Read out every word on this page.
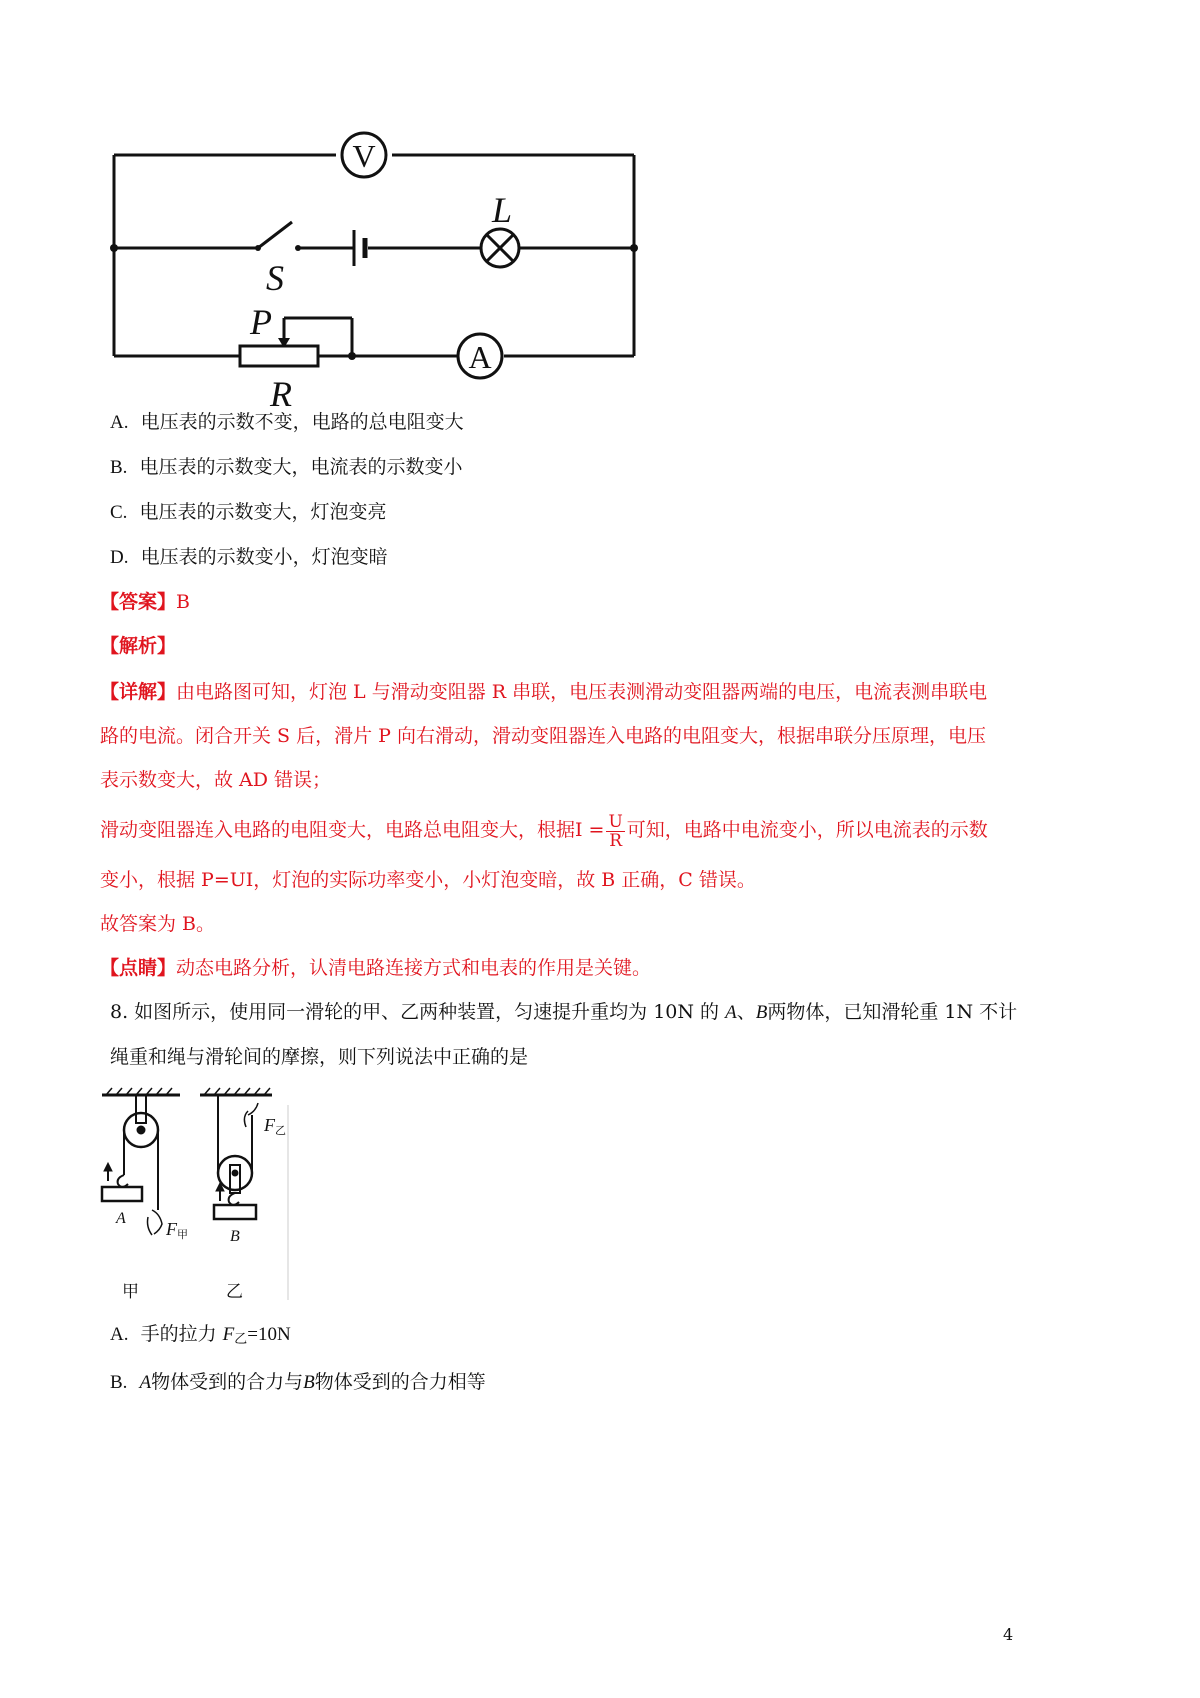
V
L
S
P
R
A
A. 电压表的示数不变，电路的总电阻变大
B. 电压表的示数变大，电流表的示数变小
C. 电压表的示数变大，灯泡变亮
D. 电压表的示数变小，灯泡变暗
【答案】B
【解析】
【详解】由电路图可知，灯泡 L 与滑动变阻器 R 串联，电压表测滑动变阻器两端的电压，电流表测串联电
路的电流。闭合开关 S 后，滑片 P 向右滑动，滑动变阻器连入电路的电阻变大，根据串联分压原理，电压
表示数变大，故 AD 错误；
滑动变阻器连入电路的电阻变大，电路总电阻变大，根据$I = \frac{U}{R}$ 可知，电路中电流变小，所以电流表的示数
变小，根据 P=UI，灯泡的实际功率变小，小灯泡变暗，故 B 正确，C 错误。
故答案为 B。
【点睛】动态电路分析，认清电路连接方式和电表的作用是关键。
8. 如图所示，使用同一滑轮的甲、乙两种装置，匀速提升重均为 10N 的 A、B两物体，已知滑轮重 1N 不计
绳重和绳与滑轮间的摩擦，则下列说法中正确的是
A
B
F甲
F乙
甲	乙
A. 手的拉力 $F_乙=10N$
B. A物体受到的合力与B物体受到的合力相等
4
